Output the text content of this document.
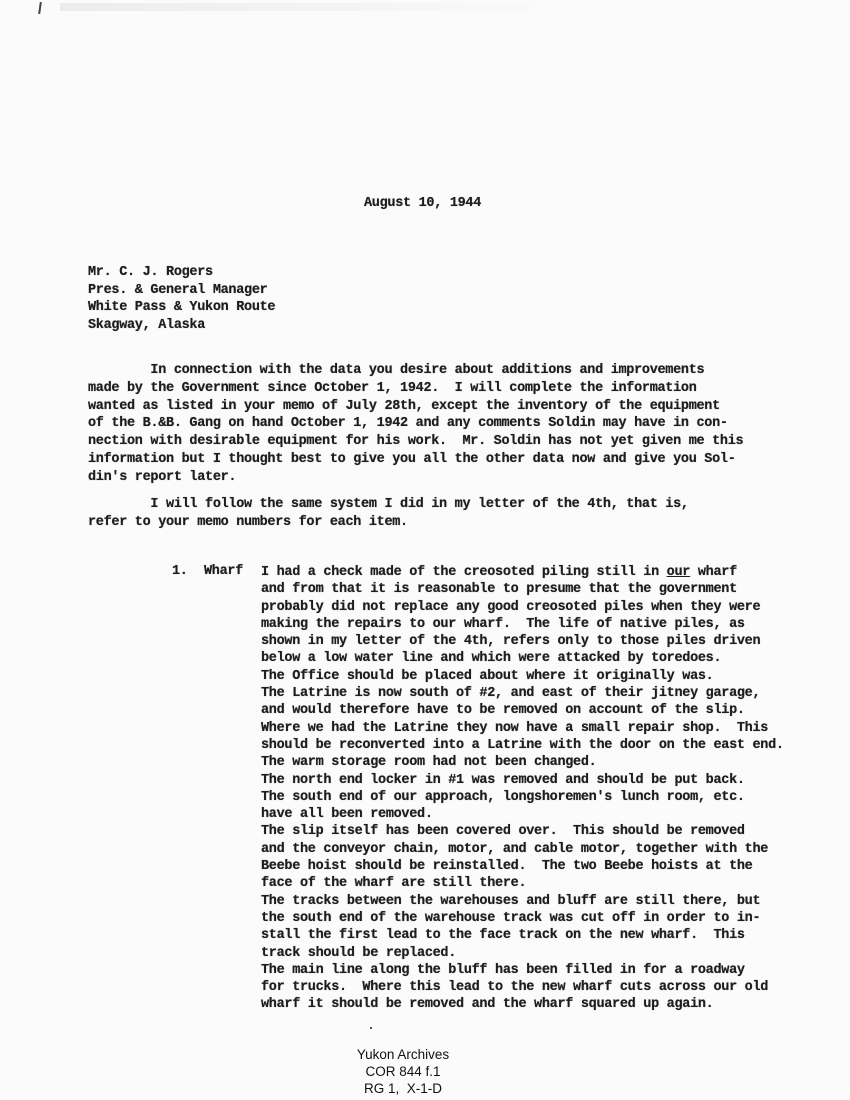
August 10, 1944
Mr. C. J. Rogers
Pres. & General Manager
White Pass & Yukon Route
Skagway, Alaska
In connection with the data you desire about additions and improvements
made by the Government since October 1, 1942.  I will complete the information
wanted as listed in your memo of July 28th, except the inventory of the equipment
of the B.&B. Gang on hand October 1, 1942 and any comments Soldin may have in con-
nection with desirable equipment for his work.  Mr. Soldin has not yet given me this
information but I thought best to give you all the other data now and give you Sol-
din's report later.
I will follow the same system I did in my letter of the 4th, that is,
refer to your memo numbers for each item.
1. Wharf I had a check made of the creosoted piling still in our wharf
and from that it is reasonable to presume that the government
probably did not replace any good creosoted piles when they were
making the repairs to our wharf.  The life of native piles, as
shown in my letter of the 4th, refers only to those piles driven
below a low water line and which were attacked by toredoes.
The Office should be placed about where it originally was.
The Latrine is now south of #2, and east of their jitney garage,
and would therefore have to be removed on account of the slip.
Where we had the Latrine they now have a small repair shop.  This
should be reconverted into a Latrine with the door on the east end.
The warm storage room had not been changed.
The north end locker in #1 was removed and should be put back.
The south end of our approach, longshoremen's lunch room, etc.
have all been removed.
The slip itself has been covered over.  This should be removed
and the conveyor chain, motor, and cable motor, together with the
Beebe hoist should be reinstalled.  The two Beebe hoists at the
face of the wharf are still there.
The tracks between the warehouses and bluff are still there, but
the south end of the warehouse track was cut off in order to in-
stall the first lead to the face track on the new wharf.  This
track should be replaced.
The main line along the bluff has been filled in for a roadway
for trucks.  Where this lead to the new wharf cuts across our old
wharf it should be removed and the wharf squared up again.
Yukon Archives
COR 844 f.1
RG 1,  X-1-D
